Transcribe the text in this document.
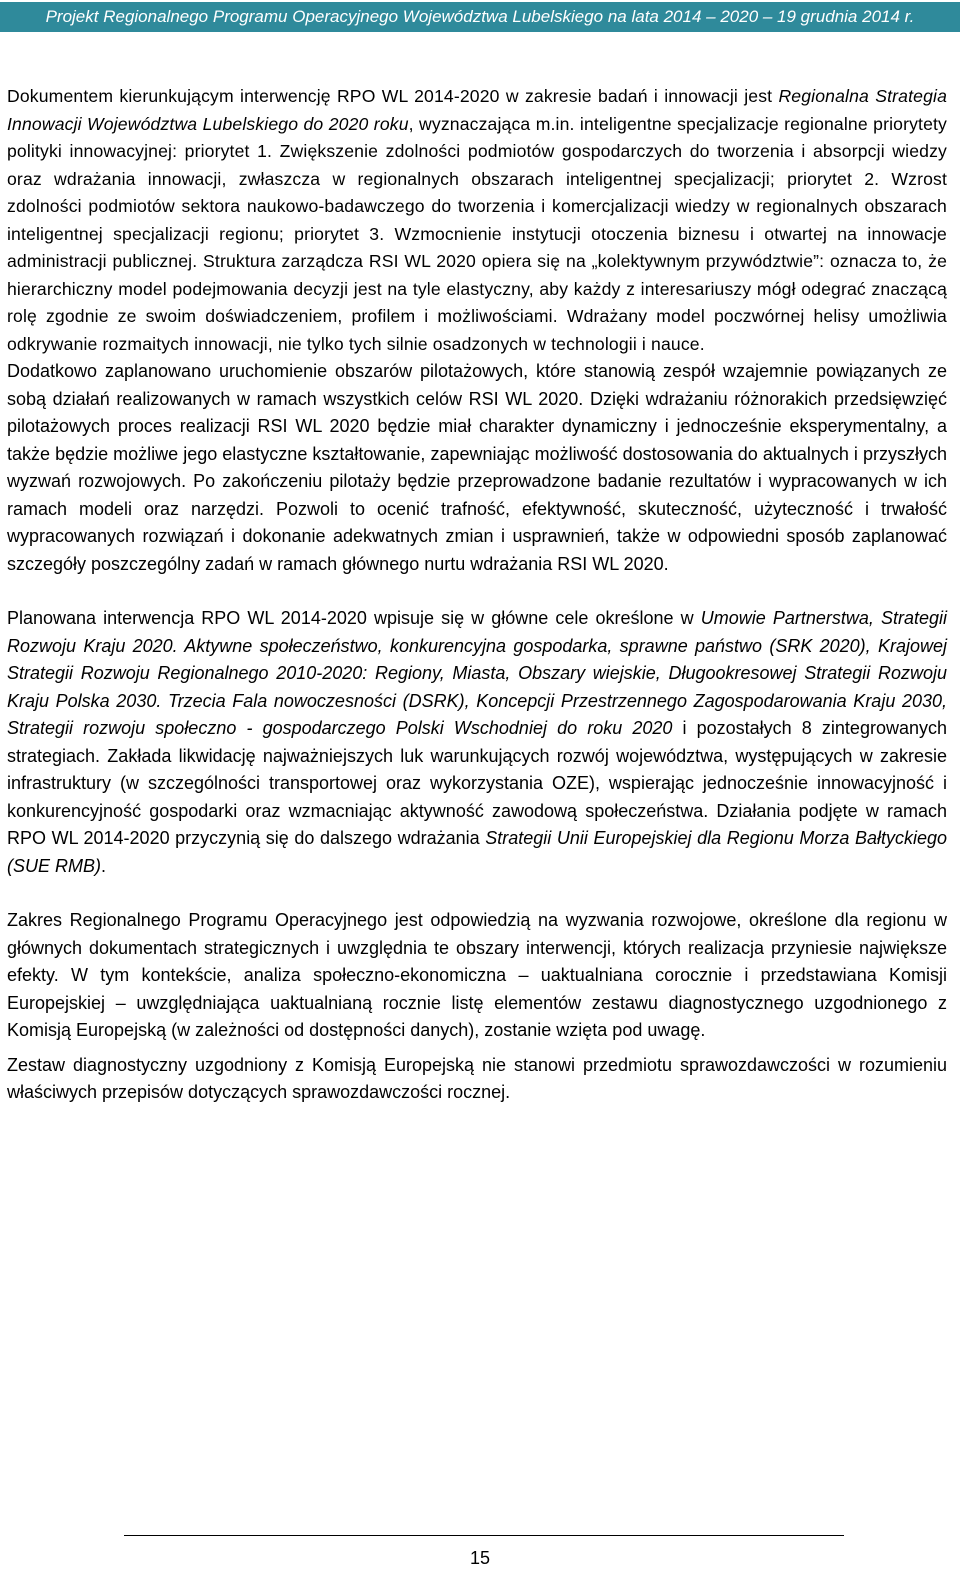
Projekt Regionalnego Programu Operacyjnego Województwa Lubelskiego na lata 2014 – 2020 – 19 grudnia 2014 r.

Dokumentem kierunkującym interwencję RPO WL 2014-2020 w zakresie badań i innowacji jest Regionalna Strategia Innowacji Województwa Lubelskiego do 2020 roku, wyznaczająca m.in. inteligentne specjalizacje regionalne priorytety polityki innowacyjnej: priorytet 1. Zwiększenie zdolności podmiotów gospodarczych do tworzenia i absorpcji wiedzy oraz wdrażania innowacji, zwłaszcza w regionalnych obszarach inteligentnej specjalizacji; priorytet 2. Wzrost zdolności podmiotów sektora naukowo-badawczego do tworzenia i komercjalizacji wiedzy w regionalnych obszarach inteligentnej specjalizacji regionu; priorytet 3. Wzmocnienie instytucji otoczenia biznesu i otwartej na innowacje administracji publicznej. Struktura zarządcza RSI WL 2020 opiera się na „kolektywnym przywództwie”: oznacza to, że hierarchiczny model podejmowania decyzji jest na tyle elastyczny, aby każdy z interesariuszy mógł odegrać znaczącą rolę zgodnie ze swoim doświadczeniem, profilem i możliwościami. Wdrażany model poczwórnej helisy umożliwia odkrywanie rozmaitych innowacji, nie tylko tych silnie osadzonych w technologii i nauce.

Dodatkowo zaplanowano uruchomienie obszarów pilotażowych, które stanowią zespół wzajemnie powiązanych ze sobą działań realizowanych w ramach wszystkich celów RSI WL 2020. Dzięki wdrażaniu różnorakich przedsięwzięć pilotażowych proces realizacji RSI WL 2020 będzie miał charakter dynamiczny i jednocześnie eksperymentalny, a także będzie możliwe jego elastyczne kształtowanie, zapewniając możliwość dostosowania do aktualnych i przyszłych wyzwań rozwojowych. Po zakończeniu pilotaży będzie przeprowadzone badanie rezultatów i wypracowanych w ich ramach modeli oraz narzędzi. Pozwoli to ocenić trafność, efektywność, skuteczność, użyteczność i trwałość wypracowanych rozwiązań i dokonanie adekwatnych zmian i usprawnień, także w odpowiedni sposób zaplanować szczegóły poszczególny zadań w ramach głównego nurtu wdrażania RSI WL 2020.

Planowana interwencja RPO WL 2014-2020 wpisuje się w główne cele określone w Umowie Partnerstwa, Strategii Rozwoju Kraju 2020. Aktywne społeczeństwo, konkurencyjna gospodarka, sprawne państwo (SRK 2020), Krajowej Strategii Rozwoju Regionalnego 2010-2020: Regiony, Miasta, Obszary wiejskie, Długookresowej Strategii Rozwoju Kraju Polska 2030. Trzecia Fala nowoczesności (DSRK), Koncepcji Przestrzennego Zagospodarowania Kraju 2030, Strategii rozwoju społeczno - gospodarczego Polski Wschodniej do roku 2020 i pozostałych 8 zintegrowanych strategiach. Zakłada likwidację najważniejszych luk warunkujących rozwój województwa, występujących w zakresie infrastruktury (w szczególności transportowej oraz wykorzystania OZE), wspierając jednocześnie innowacyjność i konkurencyjność gospodarki oraz wzmacniając aktywność zawodową społeczeństwa. Działania podjęte w ramach RPO WL 2014-2020 przyczynią się do dalszego wdrażania Strategii Unii Europejskiej dla Regionu Morza Bałtyckiego (SUE RMB).

Zakres Regionalnego Programu Operacyjnego jest odpowiedzią na wyzwania rozwojowe, określone dla regionu w głównych dokumentach strategicznych i uwzględnia te obszary interwencji, których realizacja przyniesie największe efekty. W tym kontekście, analiza społeczno-ekonomiczna – uaktualniana corocznie i przedstawiana Komisji Europejskiej – uwzględniająca uaktualnianą rocznie listę elementów zestawu diagnostycznego uzgodnionego z Komisją Europejską (w zależności od dostępności danych), zostanie wzięta pod uwagę.

Zestaw diagnostyczny uzgodniony z Komisją Europejską nie stanowi przedmiotu sprawozdawczości w rozumieniu właściwych przepisów dotyczących sprawozdawczości rocznej.

15
